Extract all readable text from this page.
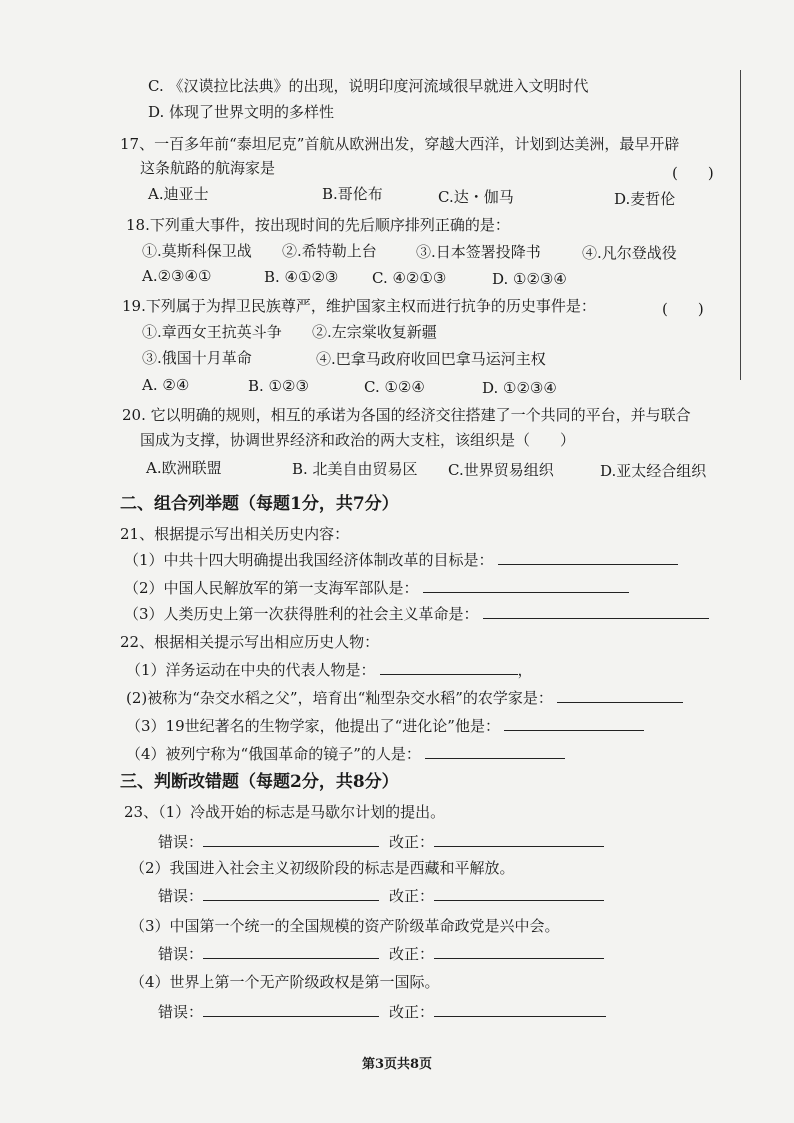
C. 《汉谟拉比法典》的出现，说明印度河流域很早就进入文明时代
D. 体现了世界文明的多样性
17、一百多年前“泰坦尼克”首航从欧洲出发，穿越大西洋，计划到达美洲，最早开辟
这条航路的航海家是	(　　)
A.迪亚士	B.哥伦布	C.达・伽马	D.麦哲伦
18.下列重大事件，按出现时间的先后顺序排列正确的是：
①.莫斯科保卫战 ②.希特勒上台	③.日本签署投降书	④.凡尔登战役
A.②③④①	B. ④①②③ C. ④②①③	D. ①②③④
19.下列属于为捍卫民族尊严，维护国家主权而进行抗争的历史事件是：	(　　)
①.章西女王抗英斗争 ②.左宗棠收复新疆
③.俄国十月革命	④.巴拿马政府收回巴拿马运河主权
A. ②④	B. ①②③	C. ①②④	D. ①②③④
20. 它以明确的规则，相互的承诺为各国的经济交往搭建了一个共同的平台，并与联合
国成为支撑，协调世界经济和政治的两大支柱，该组织是（　　）
A.欧洲联盟	B. 北美自由贸易区 C.世界贸易组织	D.亚太经合组织
二、组合列举题（每题1分，共7分）
21、根据提示写出相关历史内容：
（1）中共十四大明确提出我国经济体制改革的目标是：
（2）中国人民解放军的第一支海军部队是：
（3）人类历史上第一次获得胜利的社会主义革命是：
22、根据相关提示写出相应历史人物：
（1）洋务运动在中央的代表人物是：	，
(2)被称为“杂交水稻之父”，培育出“籼型杂交水稻”的农学家是：
（3）19世纪著名的生物学家，他提出了“进化论”他是：
（4）被列宁称为“俄国革命的镜子”的人是：
三、判断改错题（每题2分，共8分）
23、（1）冷战开始的标志是马歇尔计划的提出。
错误：	改正：
（2）我国进入社会主义初级阶段的标志是西藏和平解放。
错误：	改正：
（3）中国第一个统一的全国规模的资产阶级革命政党是兴中会。
错误：	改正：
（4）世界上第一个无产阶级政权是第一国际。
错误：	改正：
第3页共8页
